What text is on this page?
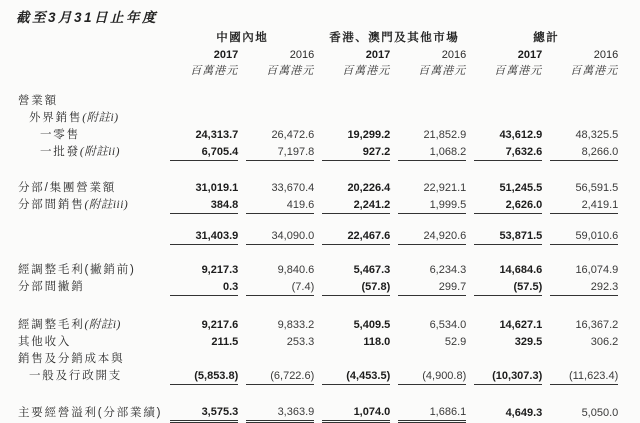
截至3月31日止年度
	中國內地		香港、澳門及其他市場		總計	
	2017	2016	2017	2016	2017	2016
	百萬港元	百萬港元	百萬港元	百萬港元	百萬港元	百萬港元

營業額						
外界銷售(附註i)						
一零售	24,313.7	26,472.6	19,299.2	21,852.9	43,612.9	48,325.5
一批發(附註ii)	6,705.4	7,197.8	927.2	1,068.2	7,632.6	8,266.0

分部/集團營業額	31,019.1	33,670.4	20,226.4	22,921.1	51,245.5	56,591.5
分部間銷售(附註iii)	384.8	419.6	2,241.2	1,999.5	2,626.0	2,419.1

	31,403.9	34,090.0	22,467.6	24,920.6	53,871.5	59,010.6

經調整毛利(撇銷前)	9,217.3	9,840.6	5,467.3	6,234.3	14,684.6	16,074.9
分部間撇銷	0.3	(7.4)	(57.8)	299.7	(57.5)	292.3

經調整毛利(附註i)	9,217.6	9,833.2	5,409.5	6,534.0	14,627.1	16,367.2
其他收入	211.5	253.3	118.0	52.9	329.5	306.2
銷售及分銷成本與						
一般及行政開支	(5,853.8)	(6,722.6)	(4,453.5)	(4,900.8)	(10,307.3)	(11,623.4)

主要經營溢利(分部業績)	3,575.3	3,363.9	1,074.0	1,686.1	4,649.3	5,050.0
